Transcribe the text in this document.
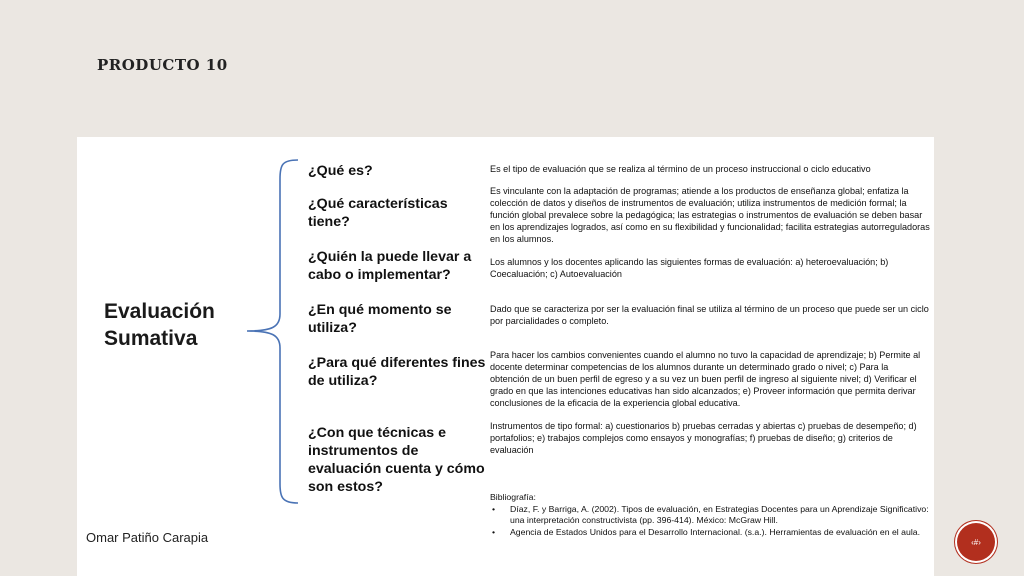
PRODUCTO 10
Evaluación Sumativa
¿Qué es?
¿Qué características tiene?
¿Quién la puede llevar a cabo o implementar?
¿En qué momento se utiliza?
¿Para qué diferentes fines de utiliza?
¿Con que técnicas e instrumentos de evaluación cuenta y cómo son estos?
Es el tipo de evaluación que se realiza al término de un proceso instruccional o ciclo educativo
Es vinculante con la adaptación de programas; atiende a los productos de enseñanza global; enfatiza la colección de datos y diseños de instrumentos de evaluación; utiliza instrumentos de medición formal; la función global prevalece sobre la pedagógica; las estrategias o instrumentos de evaluación se deben basar en los aprendizajes logrados, así como en su flexibilidad y funcionalidad; facilita estrategias autorreguladoras en los alumnos.
Los alumnos y los docentes aplicando las siguientes formas de evaluación: a) heteroevaluación; b) Coecaluación; c) Autoevaluación
Dado que se caracteriza por ser la evaluación final se utiliza al término de un proceso que puede ser un ciclo por parcialidades o completo.
Para hacer los cambios convenientes cuando el alumno no tuvo la capacidad de aprendizaje; b) Permite al docente determinar competencias de los alumnos durante un determinado grado o nivel; c) Para la obtención de un buen perfil de egreso y a su vez un buen perfil de ingreso al siguiente nivel; d) Verificar el grado en que las intenciones educativas han sido alcanzados; e) Proveer información que permita derivar conclusiones de la eficacia de la experiencia global educativa.
Instrumentos de tipo formal: a) cuestionarios b) pruebas cerradas y abiertas c) pruebas de desempeño; d) portafolios; e) trabajos complejos como ensayos y monografías; f) pruebas de diseño; g) criterios de evaluación
Bibliografía:
• Díaz, F. y Barriga, A. (2002). Tipos de evaluación, en Estrategias Docentes para un Aprendizaje Significativo: una interpretación constructivista (pp. 396-414). México: McGraw Hill.
• Agencia de Estados Unidos para el Desarrollo Internacional. (s.a.). Herramientas de evaluación en el aula.
Omar Patiño Carapia	‹#›
